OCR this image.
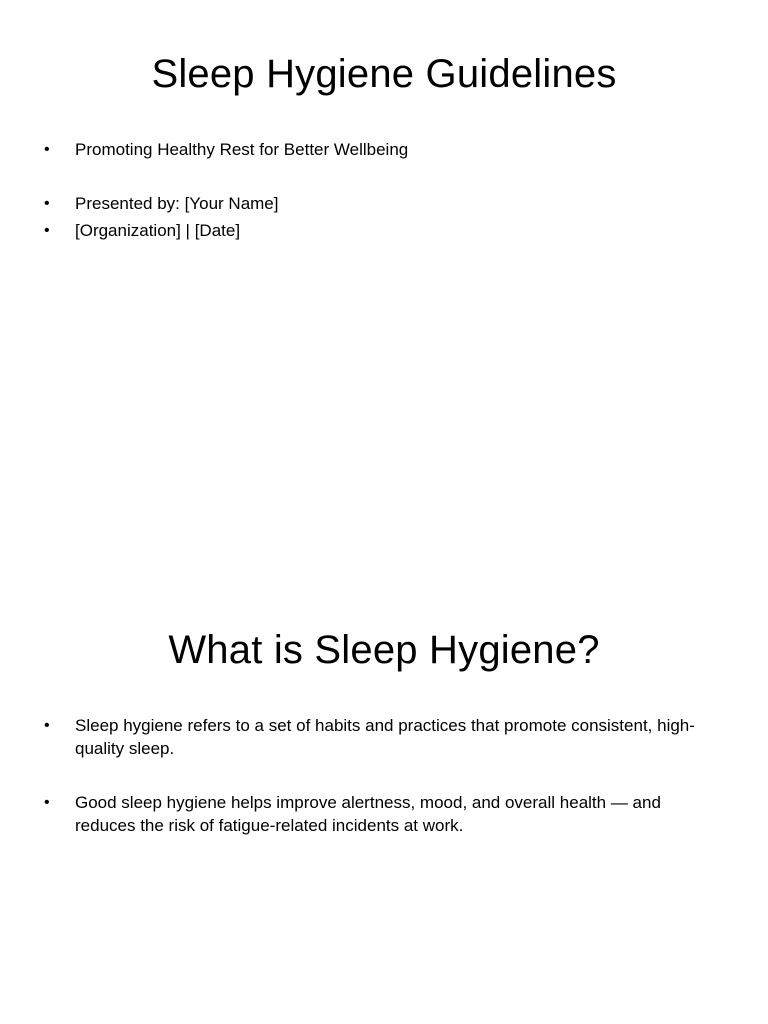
Sleep Hygiene Guidelines
•	Promoting Healthy Rest for Better Wellbeing
•	Presented by: [Your Name]
•	[Organization] | [Date]
What is Sleep Hygiene?
•	Sleep hygiene refers to a set of habits and practices that promote consistent, high-quality sleep.
•	Good sleep hygiene helps improve alertness, mood, and overall health — and reduces the risk of fatigue-related incidents at work.
